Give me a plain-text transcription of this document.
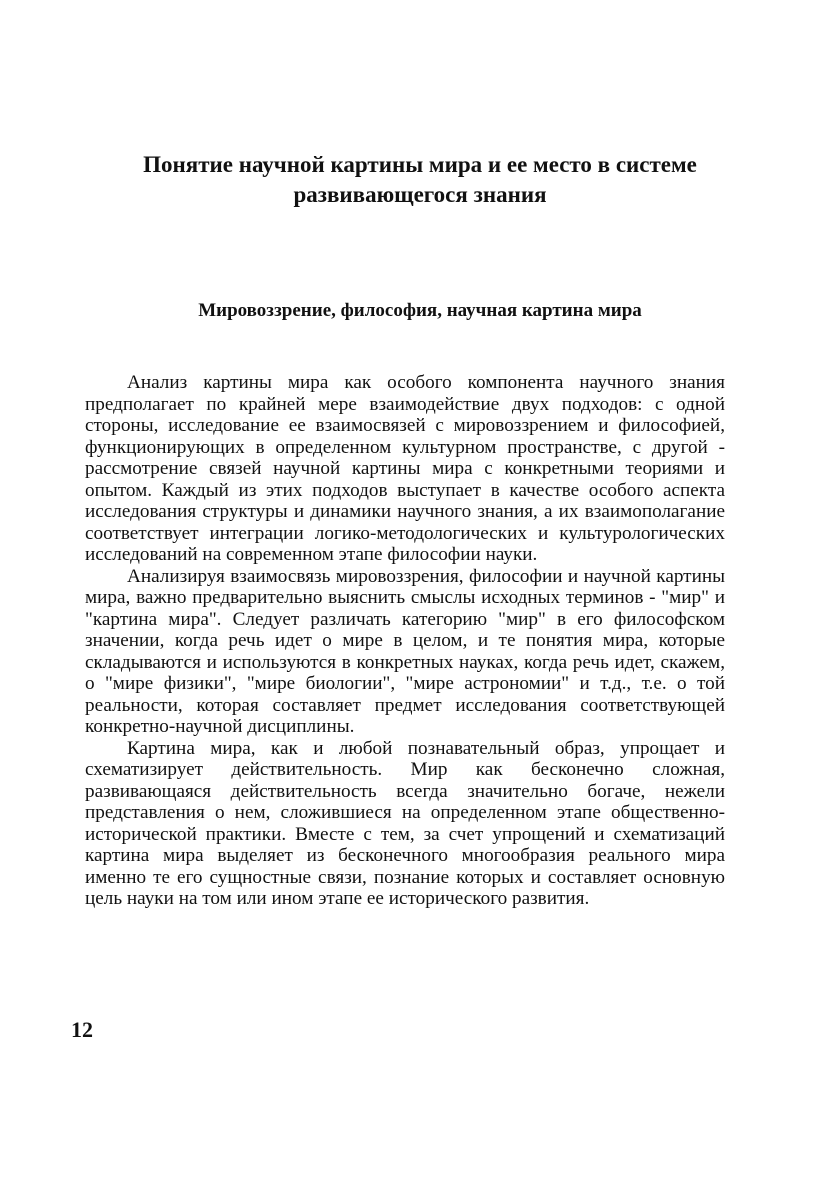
Понятие научной картины мира и ее место в системе
развивающегося знания
Мировоззрение, философия, научная картина мира

Анализ картины мира как особого компонента научного знания предполагает по крайней мере взаимодействие двух подходов: с одной стороны, исследование ее взаимосвязей с мировоззрением и философией, функционирующих в определенном культурном пространстве, с другой - рассмотрение связей научной картины мира с конкретными теориями и опытом. Каждый из этих подходов выступает в качестве особого аспекта исследования структуры и динамики научного знания, а их взаимополагание соответствует интеграции логико-методологических и культурологических исследований на современном этапе философии науки.

Анализируя взаимосвязь мировоззрения, философии и научной картины мира, важно предварительно выяснить смыслы исходных терминов - "мир" и "картина мира". Следует различать категорию "мир" в его философском значении, когда речь идет о мире в целом, и те понятия мира, которые складываются и используются в конкретных науках, когда речь идет, скажем, о "мире физики", "мире биологии", "мире астрономии" и т.д., т.е. о той реальности, которая составляет предмет исследования соответствующей конкретно-научной дисциплины.

Картина мира, как и любой познавательный образ, упрощает и схематизирует действительность. Мир как бесконечно сложная, развивающаяся действительность всегда значительно богаче, нежели представления о нем, сложившиеся на определенном этапе общественно-исторической практики. Вместе с тем, за счет упрощений и схематизаций картина мира выделяет из бесконечного многообразия реального мира именно те его сущностные связи, познание которых и составляет основную цель науки на том или ином этапе ее исторического развития.

12
